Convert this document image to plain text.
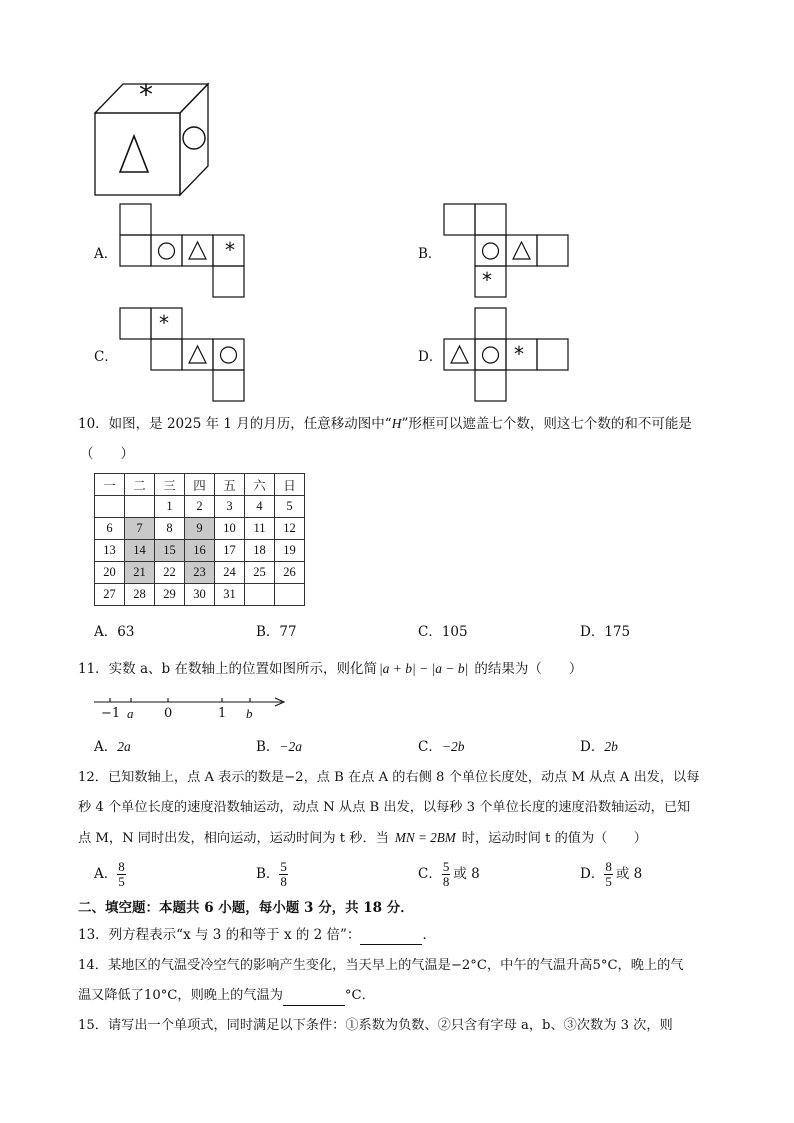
*
A．	*	B．
*
C．
*
D．	*
10．如图，是 2025 年 1 月的月历，任意移动图中“H”形框可以遮盖七个数，则这七个数的和不可能是
（　　）
一	二	三	四	五	六	日
		1	2	3	4	5
6	7	8	9	10	11	12
13	14	15	16	17	18	19
20	21	22	23	24	25	26
27	28	29	30	31		
A．63	B．77	C．105	D．175
11．实数 a、b 在数轴上的位置如图所示，则化简 |a + b| − |a − b| 的结果为（　　）
−1 a 0	1 b
A．2a	B．−2a	C．−2b	D．2b
12．已知数轴上，点 A 表示的数是−2，点 B 在点 A 的右侧 8 个单位长度处，动点 M 从点 A 出发，以每
秒 4 个单位长度的速度沿数轴运动，动点 N 从点 B 出发，以每秒 3 个单位长度的速度沿数轴运动，已知
点 M，N 同时出发，相向运动，运动时间为 t 秒．当 MN = 2BM 时，运动时间 t 的值为（　　）
A． $\frac{8}{5}$	B． $\frac{5}{8}$	C． $\frac{5}{8}$ 或 8	D． $\frac{8}{5}$ 或 8
二、填空题：本题共 6 小题，每小题 3 分，共 18 分．
13．列方程表示“x 与 3 的和等于 x 的 2 倍”：	．
14．某地区的气温受冷空气的影响产生变化，当天早上的气温是−2°C，中午的气温升高5°C，晚上的气
温又降低了10°C，则晚上的气温为	°C．
15．请写出一个单项式，同时满足以下条件：①系数为负数、②只含有字母 a，b、③次数为 3 次，则
